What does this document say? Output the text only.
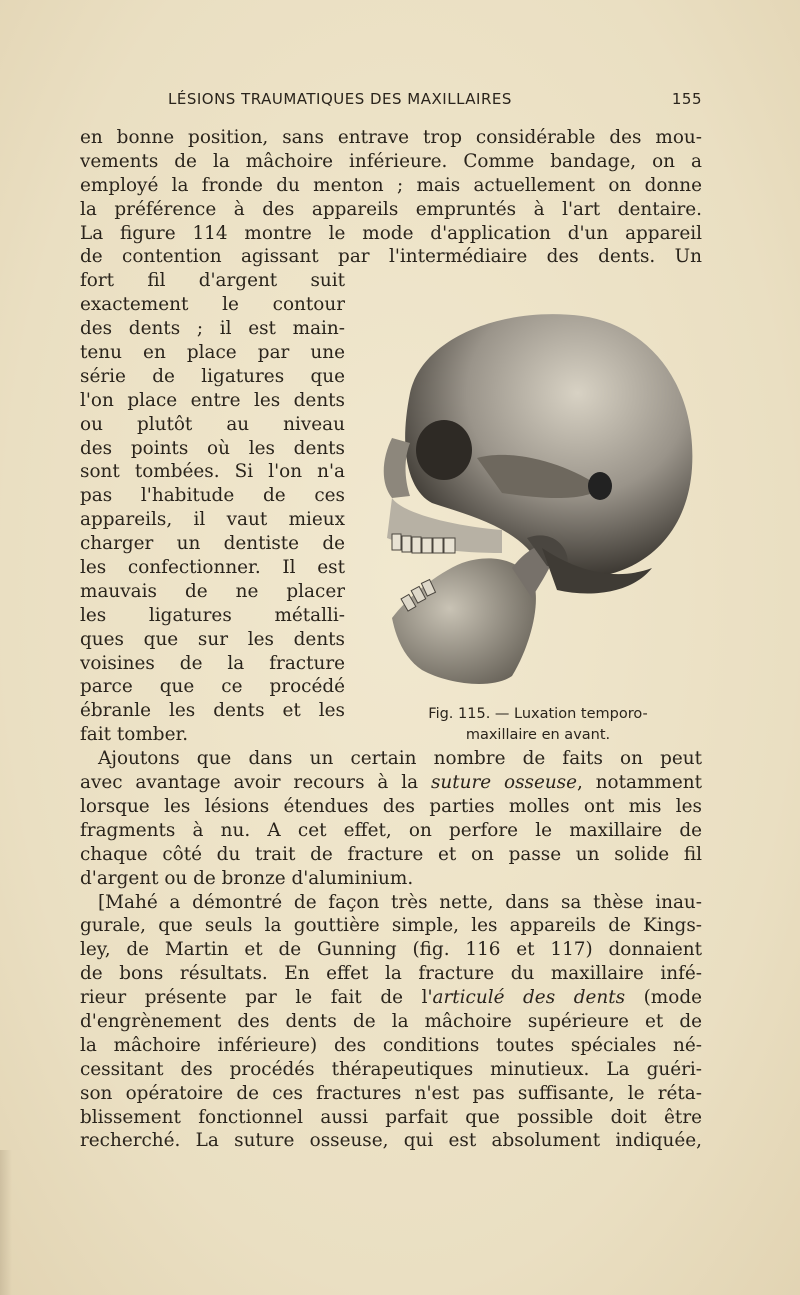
LÉSIONS TRAUMATIQUES DES MAXILLAIRES	155
en bonne position, sans entrave trop considérable des mou-
vements de la mâchoire inférieure. Comme bandage, on a
employé la fronde du menton ; mais actuellement on donne
la préférence à des appareils empruntés à l'art dentaire.
La figure 114 montre le mode d'application d'un appareil
de contention agissant par l'intermédiaire des dents. Un
fort fil d'argent suit
exactement le contour
des dents ; il est main-
tenu en place par une
série de ligatures que
l'on place entre les dents
ou plutôt au niveau
des points où les dents
sont tombées. Si l'on n'a
pas l'habitude de ces
appareils, il vaut mieux
charger un dentiste de
les confectionner. Il est
mauvais de ne placer
les ligatures métalli-
ques que sur les dents
voisines de la fracture
parce que ce procédé
ébranle les dents et les
fait tomber.
Ajoutons que dans un certain nombre de faits on peut
avec avantage avoir recours à la suture osseuse, notamment
lorsque les lésions étendues des parties molles ont mis les
fragments à nu. A cet effet, on perfore le maxillaire de
chaque côté du trait de fracture et on passe un solide fil
d'argent ou de bronze d'aluminium.
[Mahé a démontré de façon très nette, dans sa thèse inau-
gurale, que seuls la gouttière simple, les appareils de Kings-
ley, de Martin et de Gunning (fig. 116 et 117) donnaient
de bons résultats. En effet la fracture du maxillaire infé-
rieur présente par le fait de l'articulé des dents (mode
d'engrènement des dents de la mâchoire supérieure et de
la mâchoire inférieure) des conditions toutes spéciales né-
cessitant des procédés thérapeutiques minutieux. La guéri-
son opératoire de ces fractures n'est pas suffisante, le réta-
blissement fonctionnel aussi parfait que possible doit être
recherché. La suture osseuse, qui est absolument indiquée,
Fig. 115. — Luxation temporo-
maxillaire en avant.
